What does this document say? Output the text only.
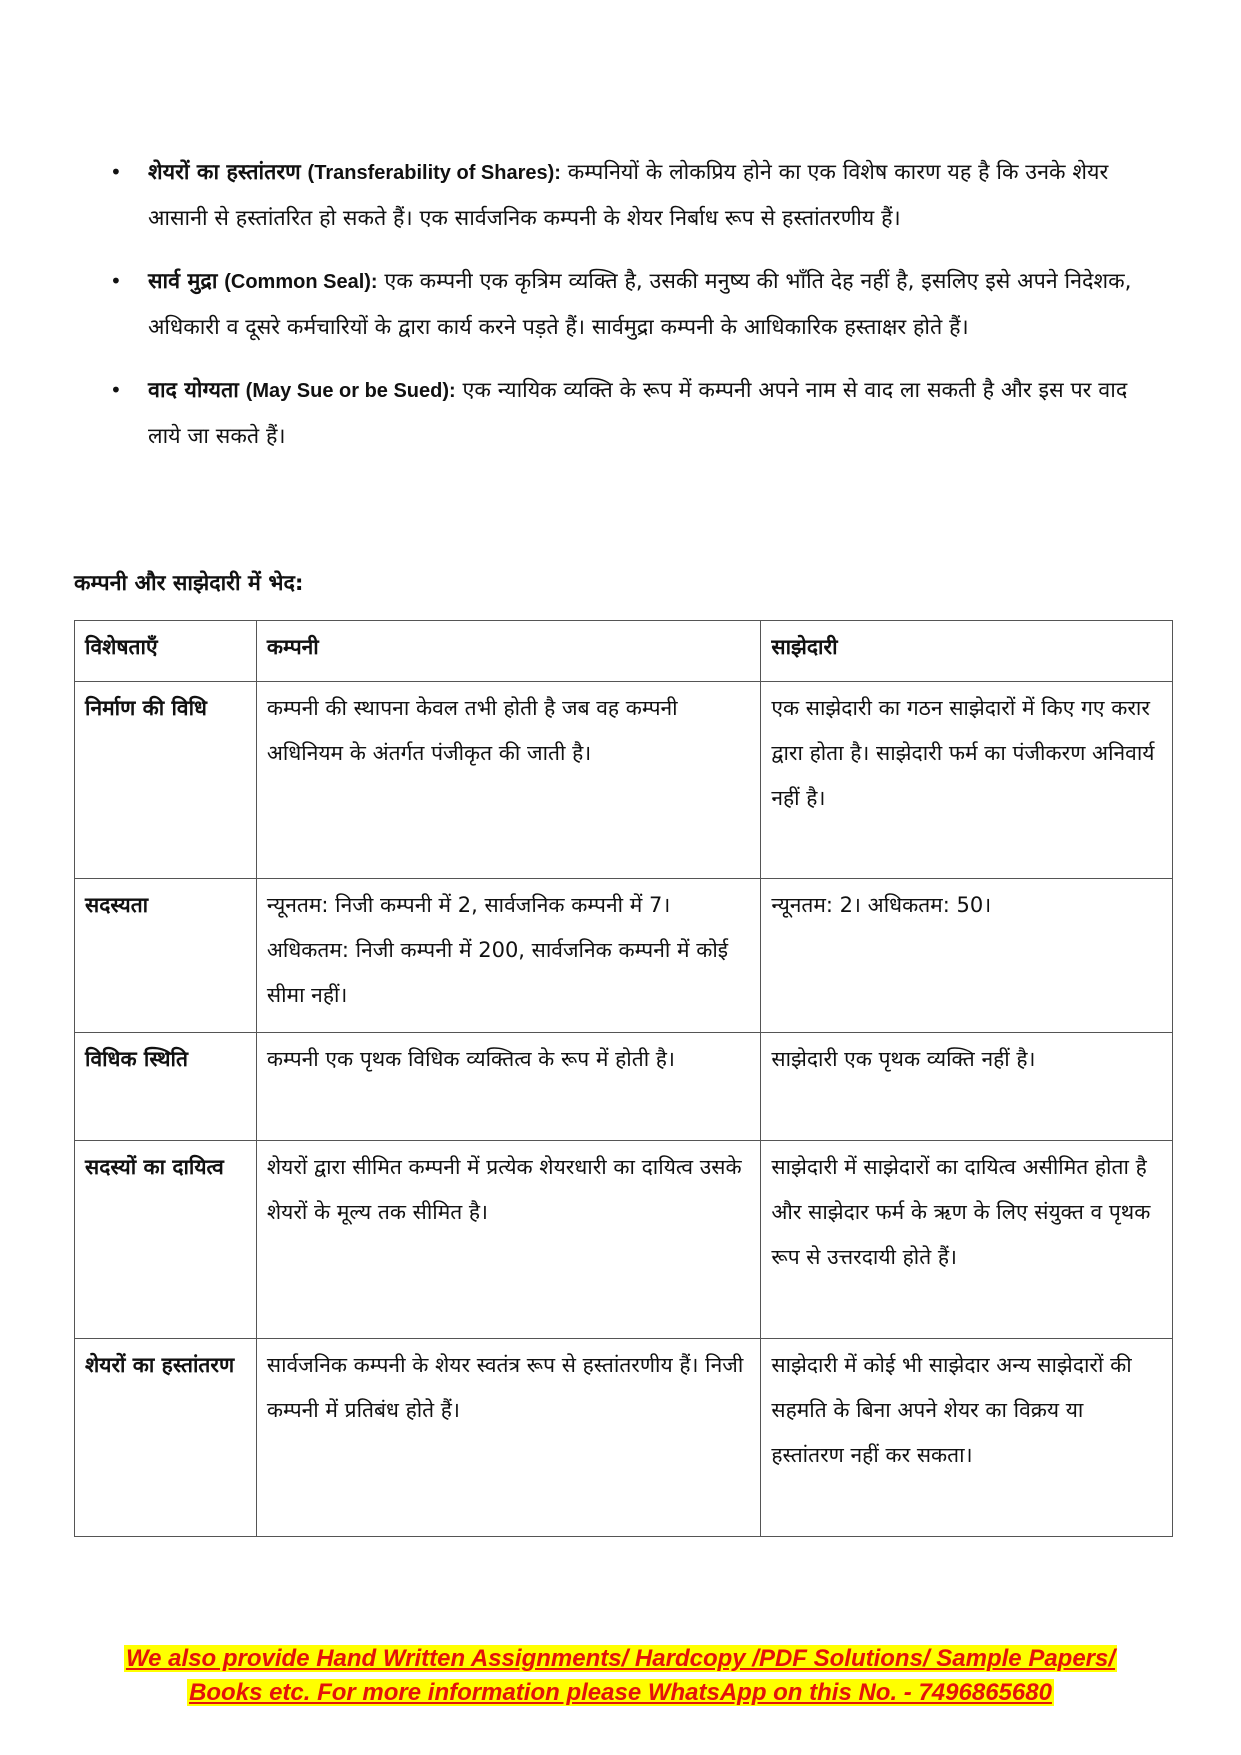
• शेयरों का हस्तांतरण (Transferability of Shares): कम्पनियों के लोकप्रिय होने का एक विशेष कारण यह है कि उनके शेयर आसानी से हस्तांतरित हो सकते हैं। एक सार्वजनिक कम्पनी के शेयर निर्बाध रूप से हस्तांतरणीय हैं।
• सार्व मुद्रा (Common Seal): एक कम्पनी एक कृत्रिम व्यक्ति है, उसकी मनुष्य की भाँति देह नहीं है, इसलिए इसे अपने निदेशक, अधिकारी व दूसरे कर्मचारियों के द्वारा कार्य करने पड़ते हैं। सार्वमुद्रा कम्पनी के आधिकारिक हस्ताक्षर होते हैं।
• वाद योग्यता (May Sue or be Sued): एक न्यायिक व्यक्ति के रूप में कम्पनी अपने नाम से वाद ला सकती है और इस पर वाद लाये जा सकते हैं।

कम्पनी और साझेदारी में भेद:

विशेषताएँ	कम्पनी	साझेदारी
निर्माण की विधि	कम्पनी की स्थापना केवल तभी होती है जब वह कम्पनी अधिनियम के अंतर्गत पंजीकृत की जाती है।	एक साझेदारी का गठन साझेदारों में किए गए करार द्वारा होता है। साझेदारी फर्म का पंजीकरण अनिवार्य नहीं है।
सदस्यता	न्यूनतम: निजी कम्पनी में 2, सार्वजनिक कम्पनी में 7। अधिकतम: निजी कम्पनी में 200, सार्वजनिक कम्पनी में कोई सीमा नहीं।	न्यूनतम: 2। अधिकतम: 50।
विधिक स्थिति	कम्पनी एक पृथक विधिक व्यक्तित्व के रूप में होती है।	साझेदारी एक पृथक व्यक्ति नहीं है।
सदस्यों का दायित्व	शेयरों द्वारा सीमित कम्पनी में प्रत्येक शेयरधारी का दायित्व उसके शेयरों के मूल्य तक सीमित है।	साझेदारी में साझेदारों का दायित्व असीमित होता है और साझेदार फर्म के ऋण के लिए संयुक्त व पृथक रूप से उत्तरदायी होते हैं।
शेयरों का हस्तांतरण	सार्वजनिक कम्पनी के शेयर स्वतंत्र रूप से हस्तांतरणीय हैं। निजी कम्पनी में प्रतिबंध होते हैं।	साझेदारी में कोई भी साझेदार अन्य साझेदारों की सहमति के बिना अपने शेयर का विक्रय या हस्तांतरण नहीं कर सकता।
We also provide Hand Written Assignments/ Hardcopy /PDF Solutions/ Sample Papers/
Books etc. For more information please WhatsApp on this No. - 7496865680
